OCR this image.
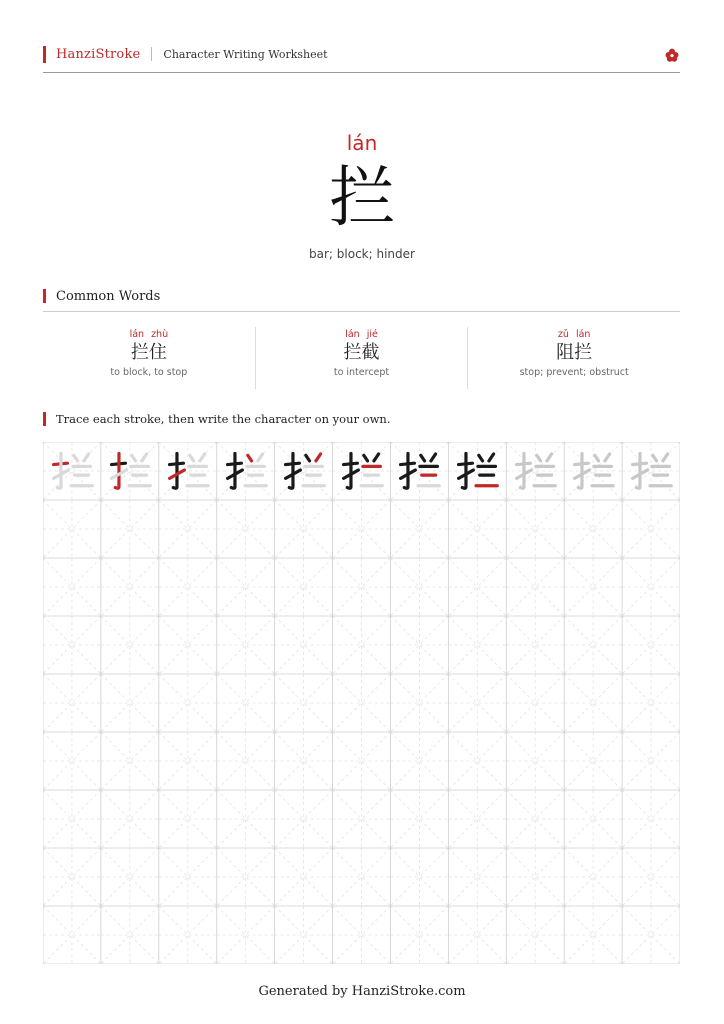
HanziStroke Character Writing Worksheet
lán
拦
bar; block; hinder
Common Words
lán zhù
拦住
to block, to stop
lán jié
拦截
to intercept
zǔ lán
阻拦
stop; prevent; obstruct
Trace each stroke, then write the character on your own.
Generated by HanziStroke.com
